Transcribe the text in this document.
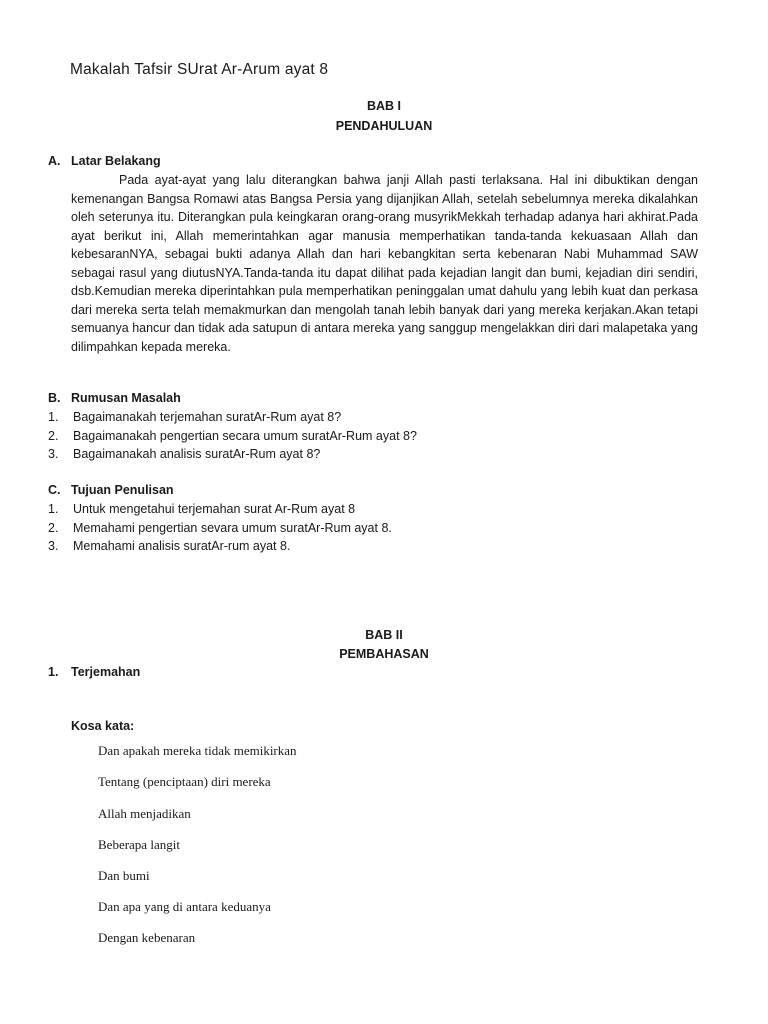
Makalah Tafsir SUrat Ar-Arum ayat 8
BAB I
PENDAHULUAN
A. Latar Belakang

Pada ayat-ayat yang lalu diterangkan bahwa janji Allah pasti terlaksana. Hal ini dibuktikan dengan kemenangan Bangsa Romawi atas Bangsa Persia yang dijanjikan Allah, setelah sebelumnya mereka dikalahkan oleh seterunya itu. Diterangkan pula keingkaran orang-orang musyrikMekkah terhadap adanya hari akhirat.Pada ayat berikut ini, Allah memerintahkan agar manusia memperhatikan tanda-tanda kekuasaan Allah dan kebesaranNYA, sebagai bukti adanya Allah dan hari kebangkitan serta kebenaran Nabi Muhammad SAW sebagai rasul yang diutusNYA.Tanda-tanda itu dapat dilihat pada kejadian langit dan bumi, kejadian diri sendiri, dsb.Kemudian mereka diperintahkan pula memperhatikan peninggalan umat dahulu yang lebih kuat dan perkasa dari mereka serta telah memakmurkan dan mengolah tanah lebih banyak dari yang mereka kerjakan.Akan tetapi semuanya hancur dan tidak ada satupun di antara mereka yang sanggup mengelakkan diri dari malapetaka yang dilimpahkan kepada mereka.

B. Rumusan Masalah
1. Bagaimanakah terjemahan suratAr-Rum ayat 8?
2. Bagaimanakah pengertian secara umum suratAr-Rum ayat 8?
3. Bagaimanakah analisis suratAr-Rum ayat 8?
C. Tujuan Penulisan
1. Untuk mengetahui terjemahan surat Ar-Rum ayat 8
2. Memahami pengertian sevara umum suratAr-Rum ayat 8.
3. Memahami analisis suratAr-rum ayat 8.
BAB II
PEMBAHASAN
1. Terjemahan
Kosa kata:
Dan apakah mereka tidak memikirkan
Tentang (penciptaan) diri mereka
Allah menjadikan
Beberapa langit
Dan bumi
Dan apa yang di antara keduanya
Dengan kebenaran
